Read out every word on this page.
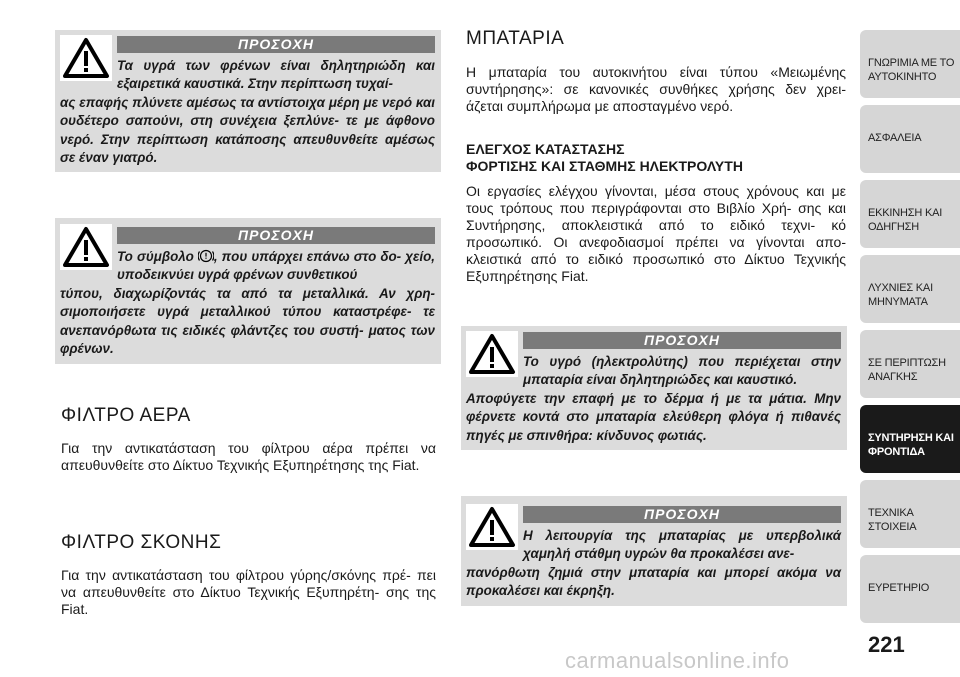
ΠΡΟΣΟΧΗ
Τα υγρά των φρένων είναι δηλητηριώδη και εξαιρετικά καυστικά. Στην περίπτωση τυχαί-
ας επαφής πλύνετε αμέσως τα αντίστοιχα μέρη με νερό και ουδέτερο σαπούνι, στη συνέχεια ξεπλύνε- τε με άφθονο νερό. Στην περίπτωση κατάποσης απευθυνθείτε αμέσως σε έναν γιατρό.
ΠΡΟΣΟΧΗ
Το σύμβολο , που υπάρχει επάνω στο δο- χείο, υποδεικνύει υγρά φρένων συνθετικού
τύπου, διαχωρίζοντάς τα από τα μεταλλικά. Αν χρη- σιμοποιήσετε υγρά μεταλλικού τύπου καταστρέφε- τε ανεπανόρθωτα τις ειδικές φλάντζες του συστή- ματος των φρένων.
ΦΙΛΤΡΟ ΑΕΡΑ

Για την αντικατάσταση του φίλτρου αέρα πρέπει να απευθυνθείτε στο Δίκτυο Τεχνικής Εξυπηρέτησης της Fiat.

ΦΙΛΤΡΟ ΣΚΟΝΗΣ

Για την αντικατάσταση του φίλτρου γύρης/σκόνης πρέ- πει να απευθυνθείτε στο Δίκτυο Τεχνικής Εξυπηρέτη- σης της Fiat.

ΜΠΑΤΑΡΙΑ

Η μπαταρία του αυτοκινήτου είναι τύπου «Μειωμένης συντήρησης»: σε κανονικές συνθήκες χρήσης δεν χρει- άζεται συμπλήρωμα με αποσταγμένο νερό.

ΕΛΕΓΧΟΣ ΚΑΤΑΣΤΑΣΗΣ
ΦΟΡΤΙΣΗΣ ΚΑΙ ΣΤΑΘΜΗΣ ΗΛΕΚΤΡΟΛΥΤΗ

Οι εργασίες ελέγχου γίνονται, μέσα στους χρόνους και με τους τρόπους που περιγράφονται στο Βιβλίο Χρή- σης και Συντήρησης, αποκλειστικά από το ειδικό τεχνι- κό προσωπικό. Οι ανεφοδιασμοί πρέπει να γίνονται απο- κλειστικά από το ειδικό προσωπικό στο Δίκτυο Τεχνικής Εξυπηρέτησης Fiat.

ΠΡΟΣΟΧΗ
Το υγρό (ηλεκτρολύτης) που περιέχεται στην μπαταρία είναι δηλητηριώδες και καυστικό.
Αποφύγετε την επαφή με το δέρμα ή με τα μάτια. Μην φέρνετε κοντά στο μπαταρία ελεύθερη φλόγα ή πιθανές πηγές με σπινθήρα: κίνδυνος φωτιάς.
ΠΡΟΣΟΧΗ
Η λειτουργία της μπαταρίας με υπερβολικά χαμηλή στάθμη υγρών θα προκαλέσει ανε-
πανόρθωτη ζημιά στην μπαταρία και μπορεί ακόμα να προκαλέσει και έκρηξη.
ΓΝΩΡΙΜΙΑ ΜΕ ΤΟ ΑΥΤΟΚΙΝΗΤΟ
ΑΣΦΑΛΕΙΑ
ΕΚΚΙΝΗΣΗ ΚΑΙ ΟΔΗΓΗΣΗ
ΛΥΧΝΙΕΣ ΚΑΙ ΜΗΝΥΜΑΤΑ
ΣΕ ΠΕΡΙΠΤΩΣΗ ΑΝΑΓΚΗΣ
ΣΥΝΤΗΡΗΣΗ ΚΑΙ ΦΡΟΝΤΙΔΑ
ΤΕΧΝΙΚΑ ΣΤΟΙΧΕΙΑ
ΕΥΡΕΤΗΡΙΟ
221
carmanualsonline.info
